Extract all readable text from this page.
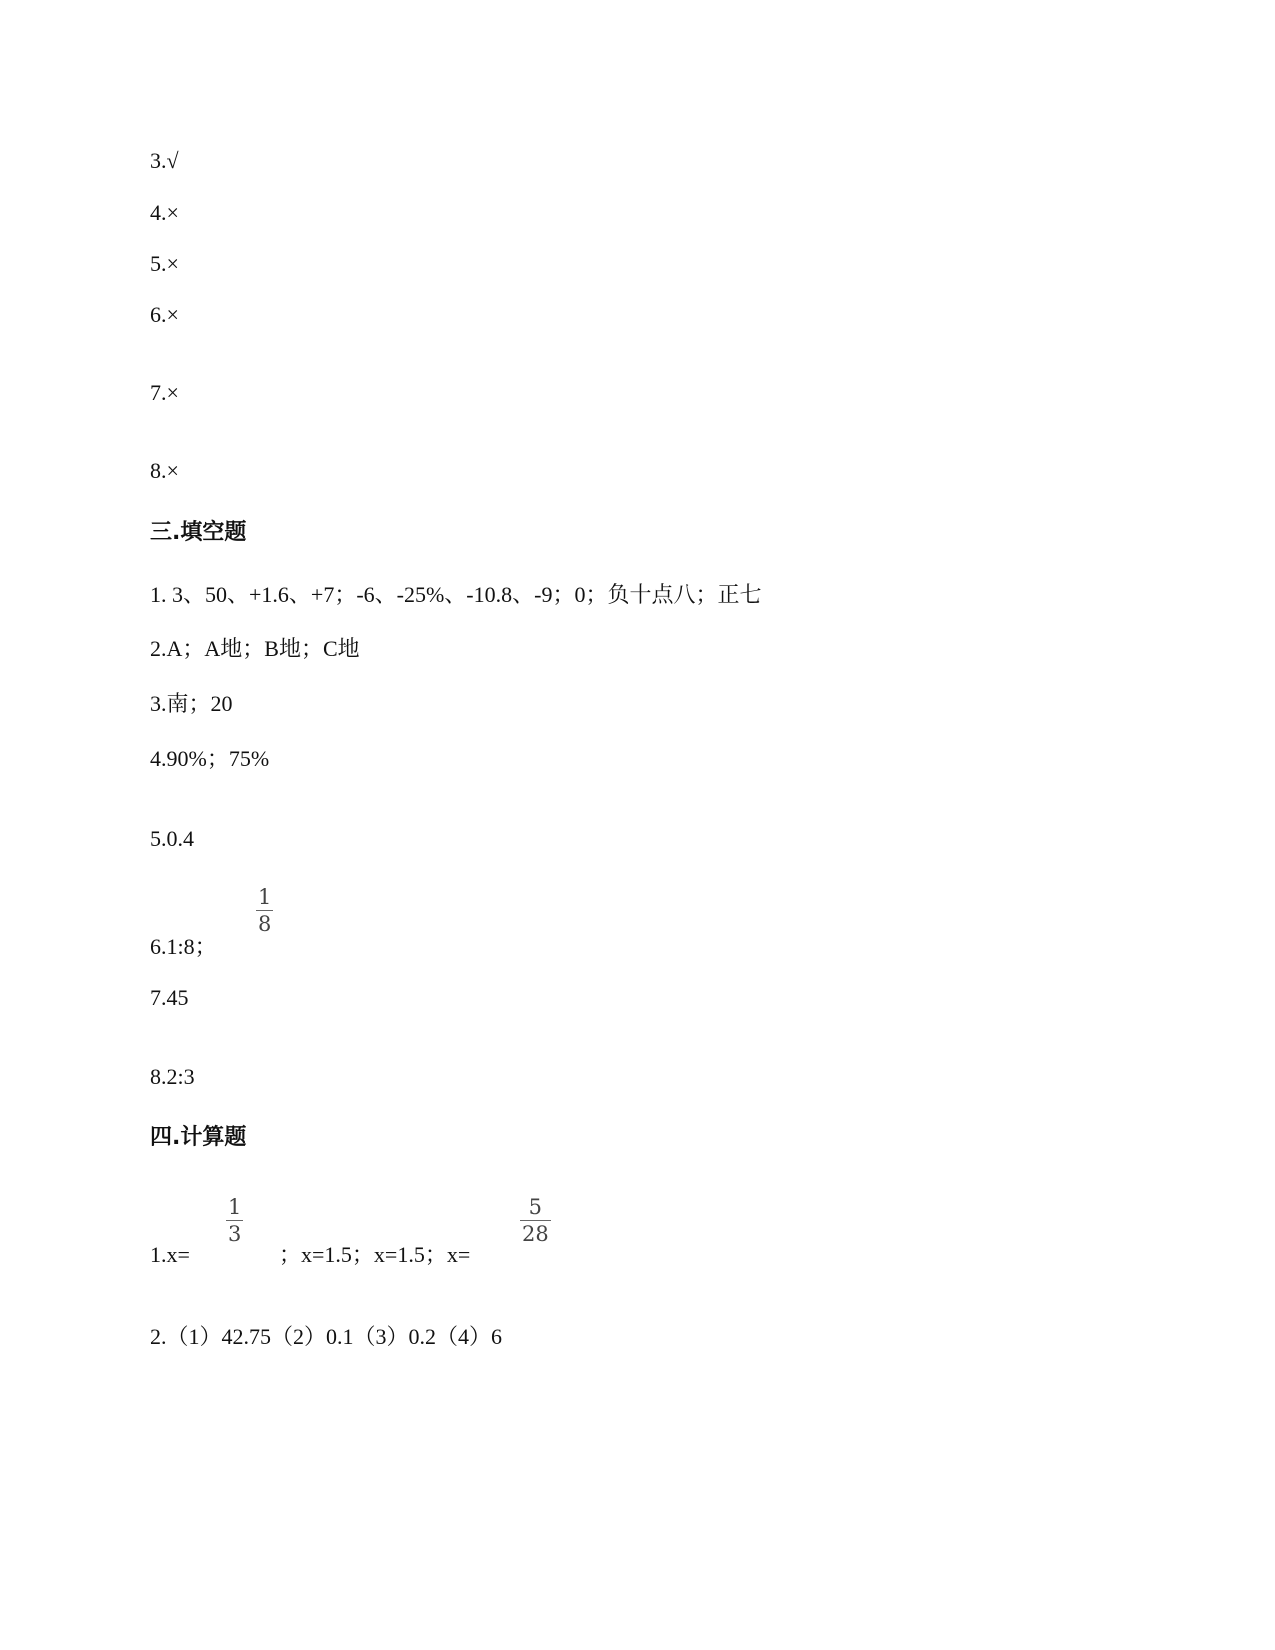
3.√
4.×
5.×
6.×
7.×
8.×
三.填空题
1. 3、50、+1.6、+7；-6、-25%、-10.8、-9；0；负十点八；正七
2.A；A地；B地；C地
3.南；20
4.90%；75%
5.0.4
6.1:8；
1
8
7.45
8.2:3
四.计算题
1.x=
1
3
；x=1.5；x=1.5；x=
5
28
2.（1）42.75（2）0.1（3）0.2（4）6
